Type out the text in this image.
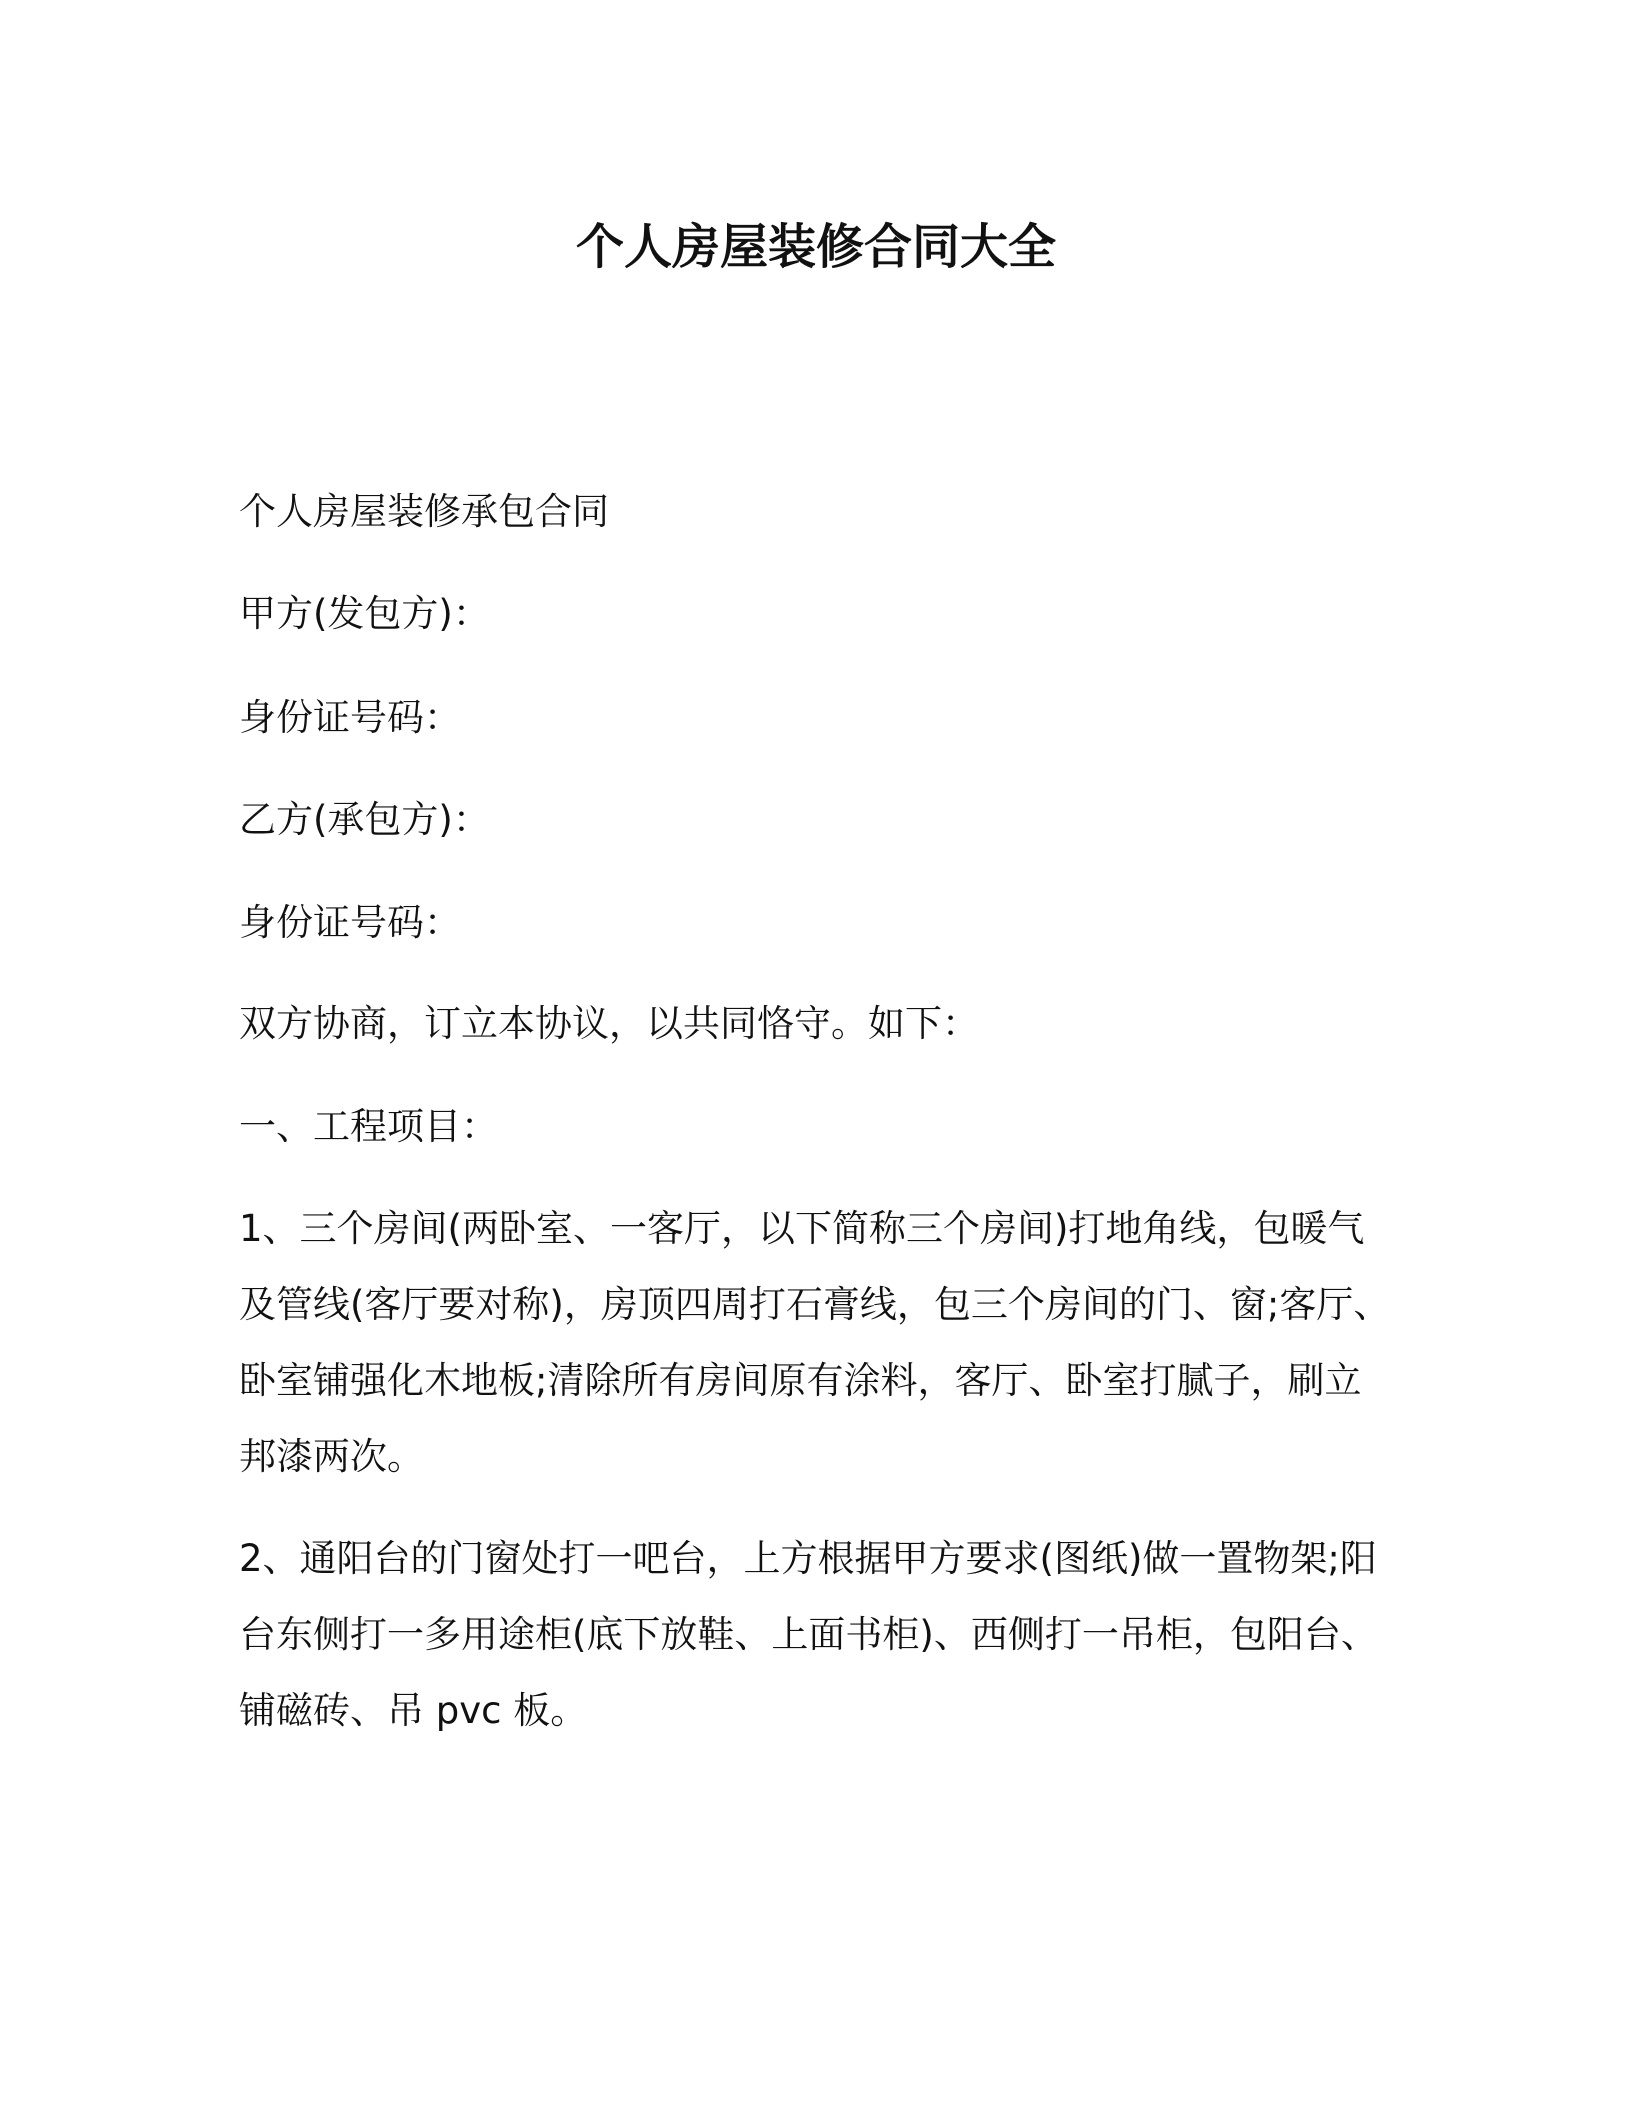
个人房屋装修合同大全
个人房屋装修承包合同
甲方(发包方)：
身份证号码：
乙方(承包方)：
身份证号码：
双方协商，订立本协议，以共同恪守。如下：
一、工程项目：
1、三个房间(两卧室、一客厅，以下简称三个房间)打地角线，包暖气
及管线(客厅要对称)，房顶四周打石膏线，包三个房间的门、窗;客厅、
卧室铺强化木地板;清除所有房间原有涂料，客厅、卧室打腻子，刷立
邦漆两次。
2、通阳台的门窗处打一吧台，上方根据甲方要求(图纸)做一置物架;阳
台东侧打一多用途柜(底下放鞋、上面书柜)、西侧打一吊柜，包阳台、
铺磁砖、吊 pvc 板。
